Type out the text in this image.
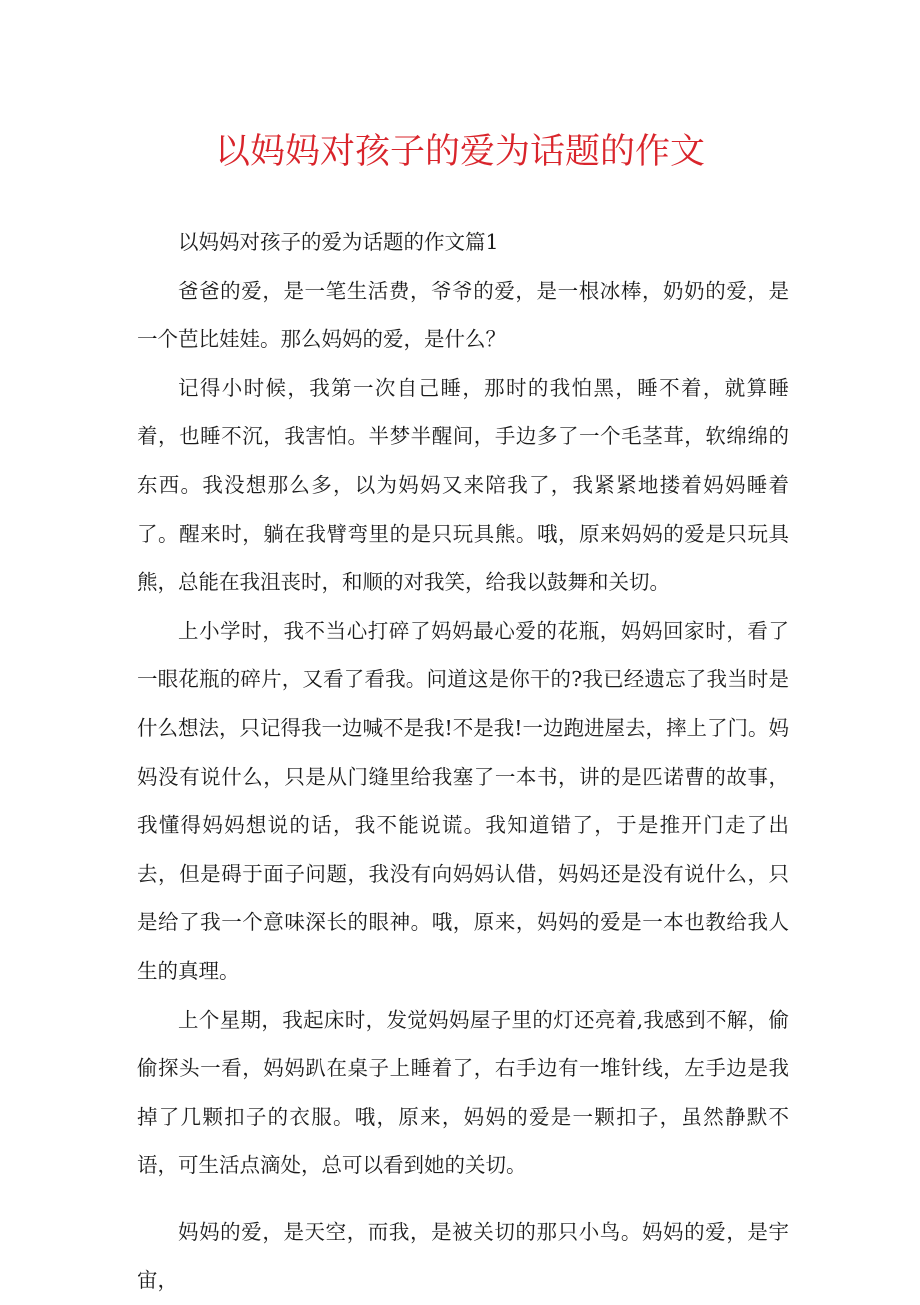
以妈妈对孩子的爱为话题的作文

以妈妈对孩子的爱为话题的作文篇1

爸爸的爱，是一笔生活费，爷爷的爱，是一根冰棒，奶奶的爱，是一个芭比娃娃。那么妈妈的爱，是什么？

记得小时候，我第一次自己睡，那时的我怕黑，睡不着，就算睡着，也睡不沉，我害怕。半梦半醒间，手边多了一个毛茎茸，软绵绵的东西。我没想那么多，以为妈妈又来陪我了，我紧紧地搂着妈妈睡着了。醒来时，躺在我臂弯里的是只玩具熊。哦，原来妈妈的爱是只玩具熊，总能在我沮丧时，和顺的对我笑，给我以鼓舞和关切。

上小学时，我不当心打碎了妈妈最心爱的花瓶，妈妈回家时，看了一眼花瓶的碎片，又看了看我。问道这是你干的?我已经遗忘了我当时是什么想法，只记得我一边喊不是我!不是我!一边跑进屋去，摔上了门。妈妈没有说什么，只是从门缝里给我塞了一本书，讲的是匹诺曹的故事，我懂得妈妈想说的话，我不能说谎。我知道错了，于是推开门走了出去，但是碍于面子问题，我没有向妈妈认借，妈妈还是没有说什么，只是给了我一个意味深长的眼神。哦，原来，妈妈的爱是一本也教给我人生的真理。

上个星期，我起床时，发觉妈妈屋子里的灯还亮着,我感到不解，偷偷探头一看，妈妈趴在桌子上睡着了，右手边有一堆针线，左手边是我掉了几颗扣子的衣服。哦，原来，妈妈的爱是一颗扣子，虽然静默不语，可生活点滴处，总可以看到她的关切。

妈妈的爱，是天空，而我，是被关切的那只小鸟。妈妈的爱，是宇宙，
